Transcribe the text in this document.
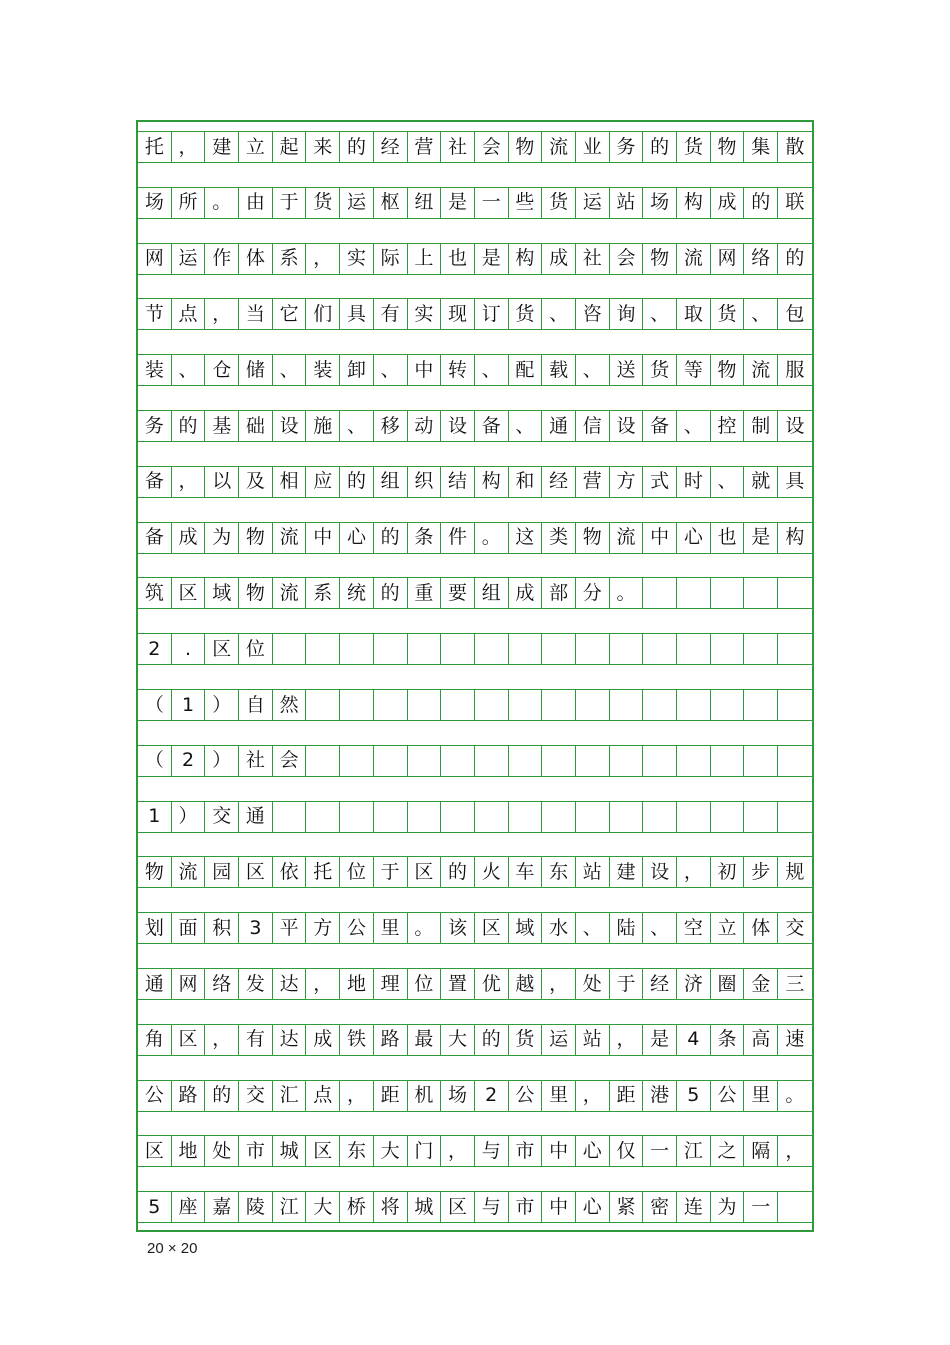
托 ， 建 立 起 来 的 经 营 社 会 物 流 业 务 的 货 物 集 散
场 所 。 由 于 货 运 枢 纽 是 一 些 货 运 站 场 构 成 的 联
网 运 作 体 系 ， 实 际 上 也 是 构 成 社 会 物 流 网 络 的
节 点 ， 当 它 们 具 有 实 现 订 货 、 咨 询 、 取 货 、 包
装 、 仓 储 、 装 卸 、 中 转 、 配 载 、 送 货 等 物 流 服
务 的 基 础 设 施 、 移 动 设 备 、 通 信 设 备 、 控 制 设
备 ， 以 及 相 应 的 组 织 结 构 和 经 营 方 式 时 、 就 具
备 成 为 物 流 中 心 的 条 件 。 这 类 物 流 中 心 也 是 构
筑 区 域 物 流 系 统 的 重 要 组 成 部 分 。
2	.	区 位
（ 1 ） 自 然
（ 2 ） 社 会
1 ） 交 通
物 流 园 区 依 托 位 于 区 的 火 车 东 站 建 设 ， 初 步 规
划 面 积 3 平 方 公 里 。 该 区 域 水 、 陆 、 空 立 体 交
通 网 络 发 达 ， 地 理 位 置 优 越 ， 处 于 经 济 圈 金 三
角 区 ， 有 达 成 铁 路 最 大 的 货 运 站 ， 是 4 条 高 速
公 路 的 交 汇 点 ， 距 机 场 2 公 里 ， 距 港 5 公 里 。
区 地 处 市 城 区 东 大 门 ， 与 市 中 心 仅 一 江 之 隔 ，
5 座 嘉 陵 江 大 桥 将 城 区 与 市 中 心 紧 密 连 为 一
20 × 20
